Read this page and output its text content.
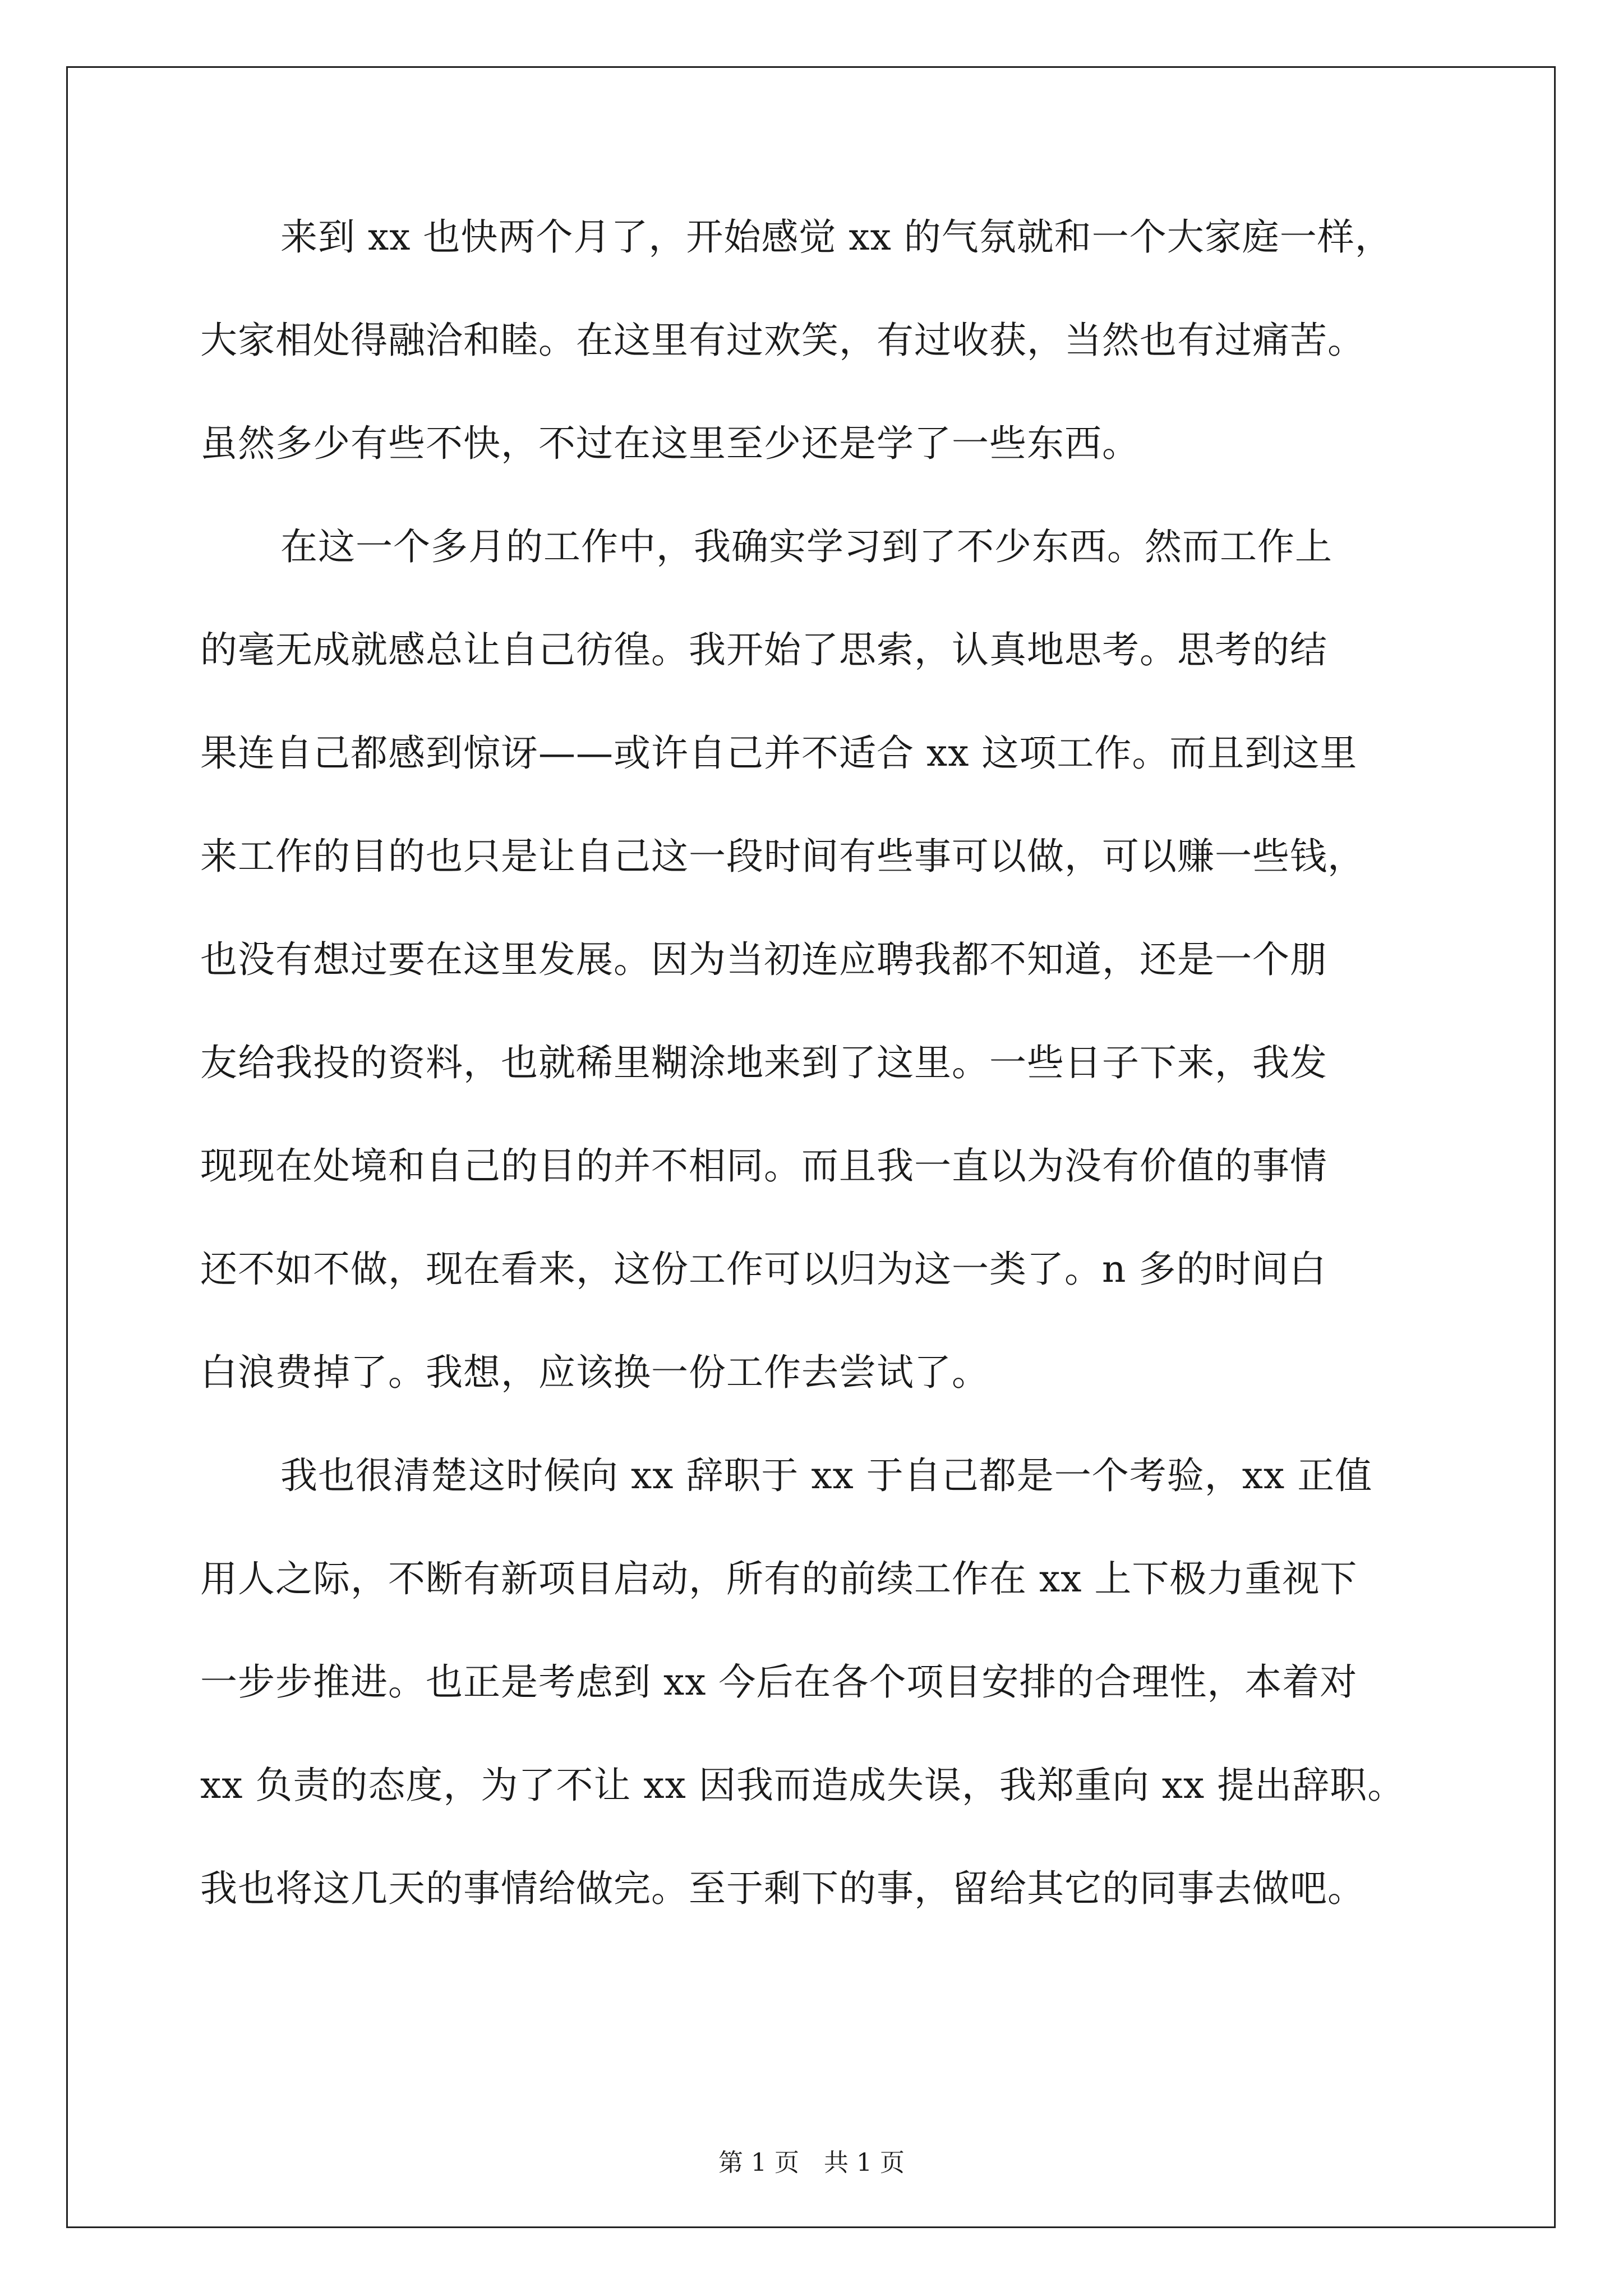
来到 xx 也快两个月了，开始感觉 xx 的气氛就和一个大家庭一样，
大家相处得融洽和睦。在这里有过欢笑，有过收获，当然也有过痛苦。
虽然多少有些不快，不过在这里至少还是学了一些东西。
在这一个多月的工作中，我确实学习到了不少东西。然而工作上
的毫无成就感总让自己彷徨。我开始了思索，认真地思考。思考的结
果连自己都感到惊讶——或许自己并不适合 xx 这项工作。而且到这里
来工作的目的也只是让自己这一段时间有些事可以做，可以赚一些钱，
也没有想过要在这里发展。因为当初连应聘我都不知道，还是一个朋
友给我投的资料，也就稀里糊涂地来到了这里。一些日子下来，我发
现现在处境和自己的目的并不相同。而且我一直以为没有价值的事情
还不如不做，现在看来，这份工作可以归为这一类了。n 多的时间白
白浪费掉了。我想，应该换一份工作去尝试了。
我也很清楚这时候向 xx 辞职于 xx 于自己都是一个考验，xx 正值
用人之际，不断有新项目启动，所有的前续工作在 xx 上下极力重视下
一步步推进。也正是考虑到 xx 今后在各个项目安排的合理性，本着对
xx 负责的态度，为了不让 xx 因我而造成失误，我郑重向 xx 提出辞职。
我也将这几天的事情给做完。至于剩下的事，留给其它的同事去做吧。
第 1 页　共 1 页
